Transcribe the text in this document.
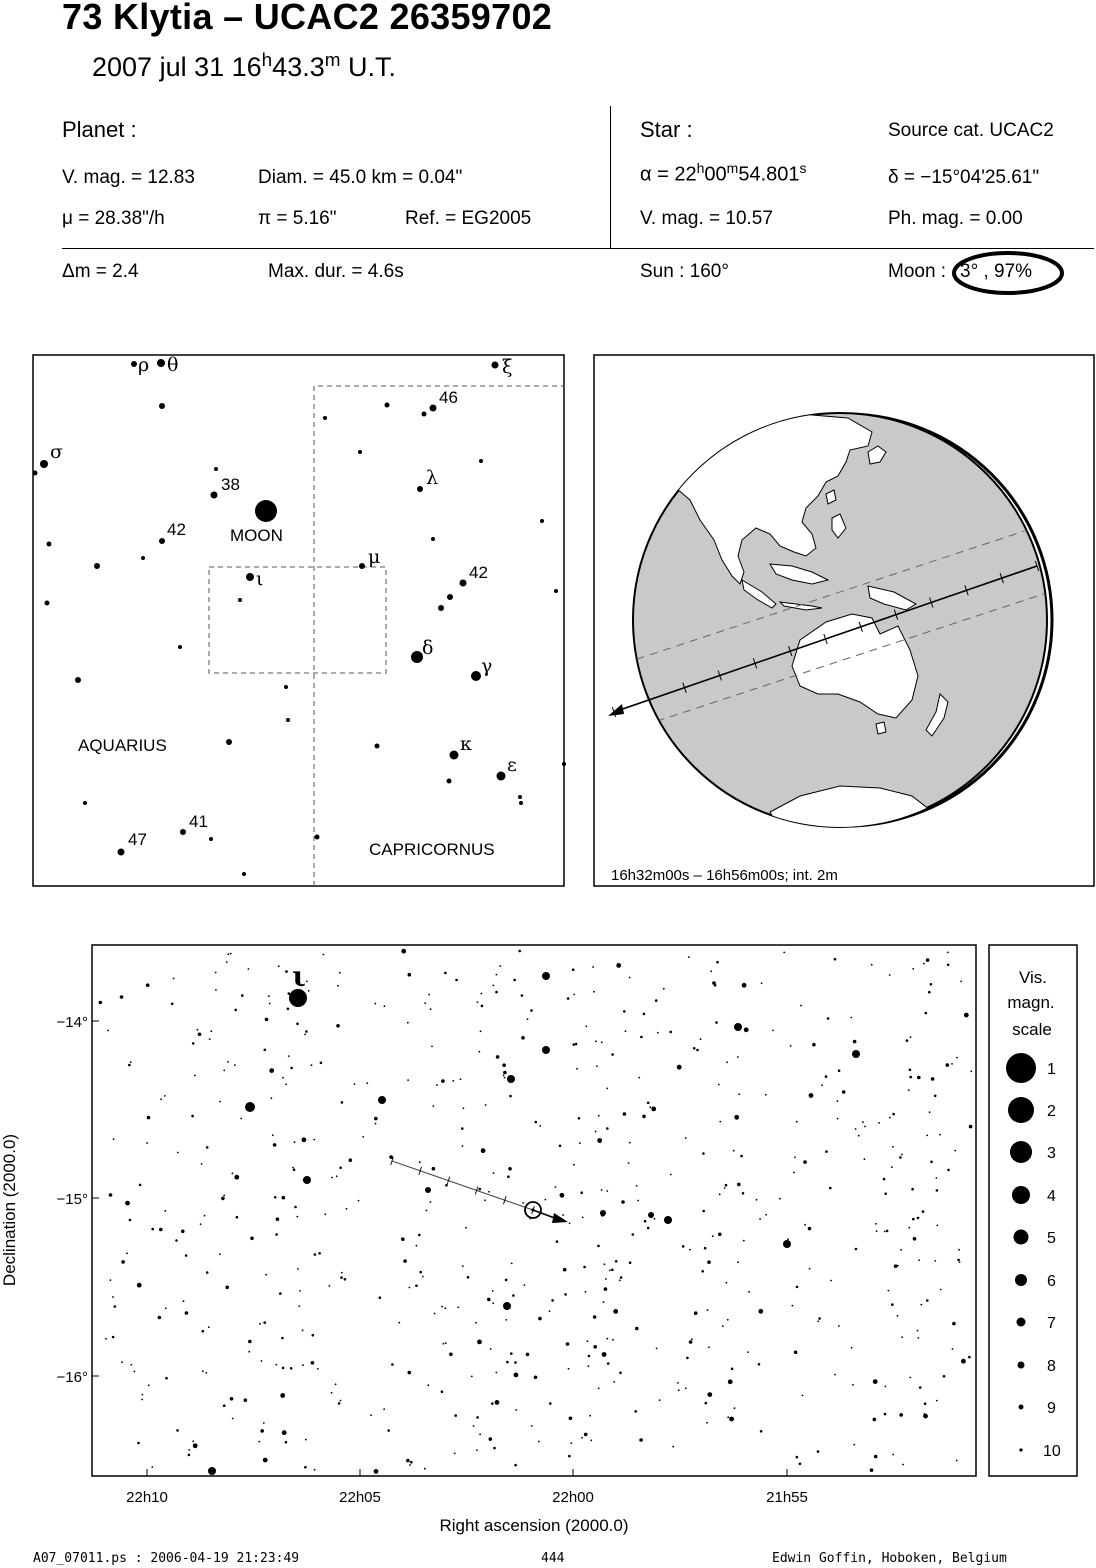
73 Klytia – UCAC2 26359702
2007 jul 31 16$^h$43.3$^m$ U.T.
Planet :
V. mag. = 12.83	Diam. = 45.0 km = 0.04"
μ = 28.38"/h	π = 5.16"	Ref. = EG2005
Δm = 2.4	Max. dur. = 4.6s
Star :	Source cat. UCAC2
$\alpha = 22^h00^m54.801^s$	δ = −15°04'25.61"
V. mag. = 10.57	Ph. mag. = 0.00
Sun : 160°	Moon : 3° , 97%
ρ θ	ξ
σ
46
λ
38
42	MOON
μ
ι	42
δ
γ
AQUARIUS	κ
ε
41
47
CAPRICORNUS
16h32m00s – 16h56m00s; int. 2m
ι
−14°
−15°
−16°
Declination (2000.0)
22h10	22h05	22h00	21h55
Right ascension (2000.0)
Vis.
magn.
scale
1
2
3
4
5
6
7
8
9
10
A07_07011.ps : 2006-04-19 21:23:49	444	Edwin Goffin, Hoboken, Belgium
